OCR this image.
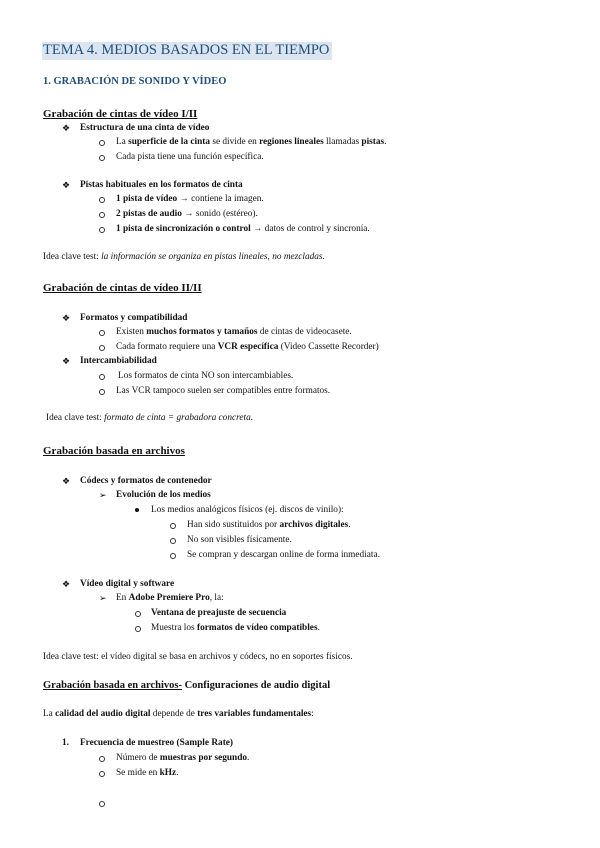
TEMA 4. MEDIOS BASADOS EN EL TIEMPO
1. GRABACIÓN DE SONIDO Y VÍDEO
Grabación de cintas de vídeo I/II
❖ Estructura de una cinta de vídeo
La superficie de la cinta se divide en regiones lineales llamadas pistas.
Cada pista tiene una función específica.
❖ Pistas habituales en los formatos de cinta
1 pista de vídeo → contiene la imagen.
2 pistas de audio → sonido (estéreo).
1 pista de sincronización o control → datos de control y sincronía.
Idea clave test: la información se organiza en pistas lineales, no mezcladas.
Grabación de cintas de vídeo II/II
❖ Formatos y compatibilidad
Existen muchos formatos y tamaños de cintas de videocasete.
Cada formato requiere una VCR específica (Video Cassette Recorder)
❖ Intercambiabilidad
Los formatos de cinta NO son intercambiables.
Las VCR tampoco suelen ser compatibles entre formatos.
Idea clave test: formato de cinta = grabadora concreta.
Grabación basada en archivos
❖ Códecs y formatos de contenedor
➢ Evolución de los medios
Los medios analógicos físicos (ej. discos de vinilo):
Han sido sustituidos por archivos digitales.
No son visibles físicamente.
Se compran y descargan online de forma inmediata.
❖ Vídeo digital y software
➢ En Adobe Premiere Pro, la:
Ventana de preajuste de secuencia
Muestra los formatos de vídeo compatibles.
Idea clave test: el vídeo digital se basa en archivos y códecs, no en soportes físicos.
Grabación basada en archivos- Configuraciones de audio digital
La calidad del audio digital depende de tres variables fundamentales:
1. Frecuencia de muestreo (Sample Rate)
Número de muestras por segundo.
Se mide en kHz.
